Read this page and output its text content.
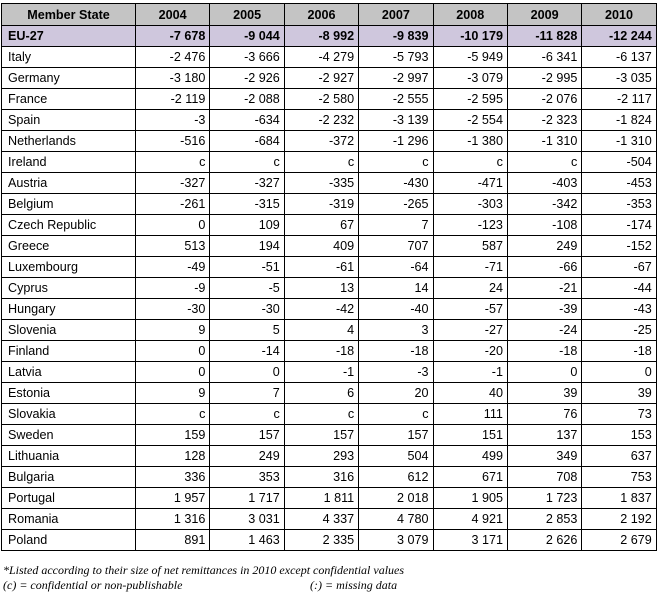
Member State	2004	2005	2006	2007	2008	2009	2010
EU-27	-7 678	-9 044	-8 992	-9 839	-10 179	-11 828	-12 244
Italy	-2 476	-3 666	-4 279	-5 793	-5 949	-6 341	-6 137
Germany	-3 180	-2 926	-2 927	-2 997	-3 079	-2 995	-3 035
France	-2 119	-2 088	-2 580	-2 555	-2 595	-2 076	-2 117
Spain	-3	-634	-2 232	-3 139	-2 554	-2 323	-1 824
Netherlands	-516	-684	-372	-1 296	-1 380	-1 310	-1 310
Ireland	c	c	c	c	c	c	-504
Austria	-327	-327	-335	-430	-471	-403	-453
Belgium	-261	-315	-319	-265	-303	-342	-353
Czech Republic	0	109	67	7	-123	-108	-174
Greece	513	194	409	707	587	249	-152
Luxembourg	-49	-51	-61	-64	-71	-66	-67
Cyprus	-9	-5	13	14	24	-21	-44
Hungary	-30	-30	-42	-40	-57	-39	-43
Slovenia	9	5	4	3	-27	-24	-25
Finland	0	-14	-18	-18	-20	-18	-18
Latvia	0	0	-1	-3	-1	0	0
Estonia	9	7	6	20	40	39	39
Slovakia	c	c	c	c	111	76	73
Sweden	159	157	157	157	151	137	153
Lithuania	128	249	293	504	499	349	637
Bulgaria	336	353	316	612	671	708	753
Portugal	1 957	1 717	1 811	2 018	1 905	1 723	1 837
Romania	1 316	3 031	4 337	4 780	4 921	2 853	2 192
Poland	891	1 463	2 335	3 079	3 171	2 626	2 679
*Listed according to their size of net remittances in 2010 except confidential values
(c) = confidential or non-publishable	(:) = missing data
